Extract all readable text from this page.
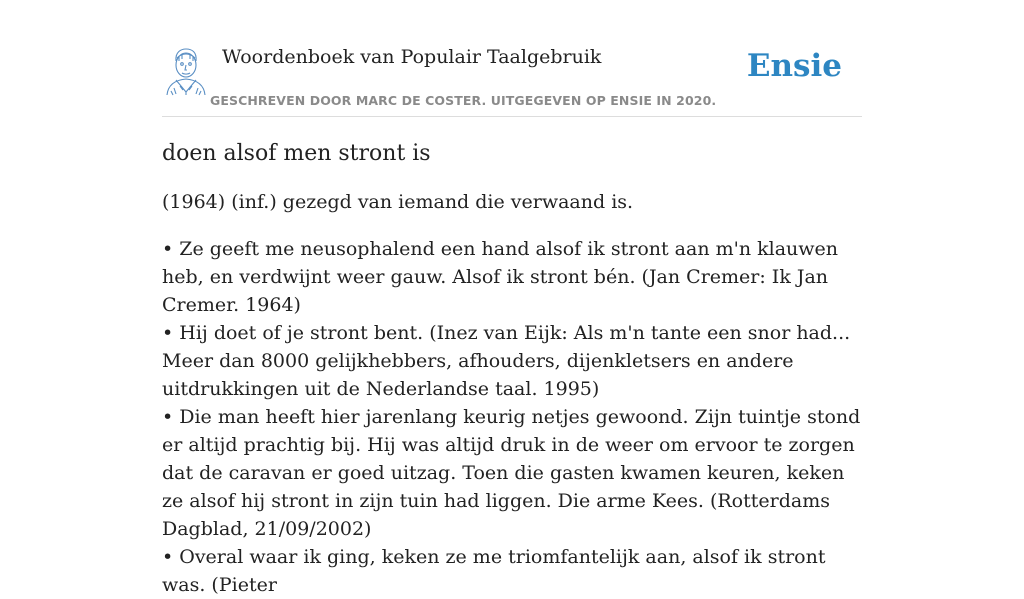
Woordenboek van Populair Taalgebruik
GESCHREVEN DOOR MARC DE COSTER. UITGEGEVEN OP ENSIE IN 2020.
Ensie
doen alsof men stront is

(1964) (inf.) gezegd van iemand die verwaand is.

• Ze geeft me neusophalend een hand alsof ik stront aan m'n klauwen heb, en verdwijnt weer gauw. Alsof ik stront bén. (Jan Cremer: Ik Jan Cremer. 1964)
• Hij doet of je stront bent. (Inez van Eijk: Als m'n tante een snor had... Meer dan 8000 gelijkhebbers, afhouders, dijenkletsers en andere uitdrukkingen uit de Nederlandse taal. 1995)
• Die man heeft hier jarenlang keurig netjes gewoond. Zijn tuintje stond er altijd prachtig bij. Hij was altijd druk in de weer om ervoor te zorgen dat de caravan er goed uitzag. Toen die gasten kwamen keuren, keken ze alsof hij stront in zijn tuin had liggen. Die arme Kees. (Rotterdams Dagblad, 21/09/2002)
• Overal waar ik ging, keken ze me triomfantelijk aan, alsof ik stront was. (Pieter
